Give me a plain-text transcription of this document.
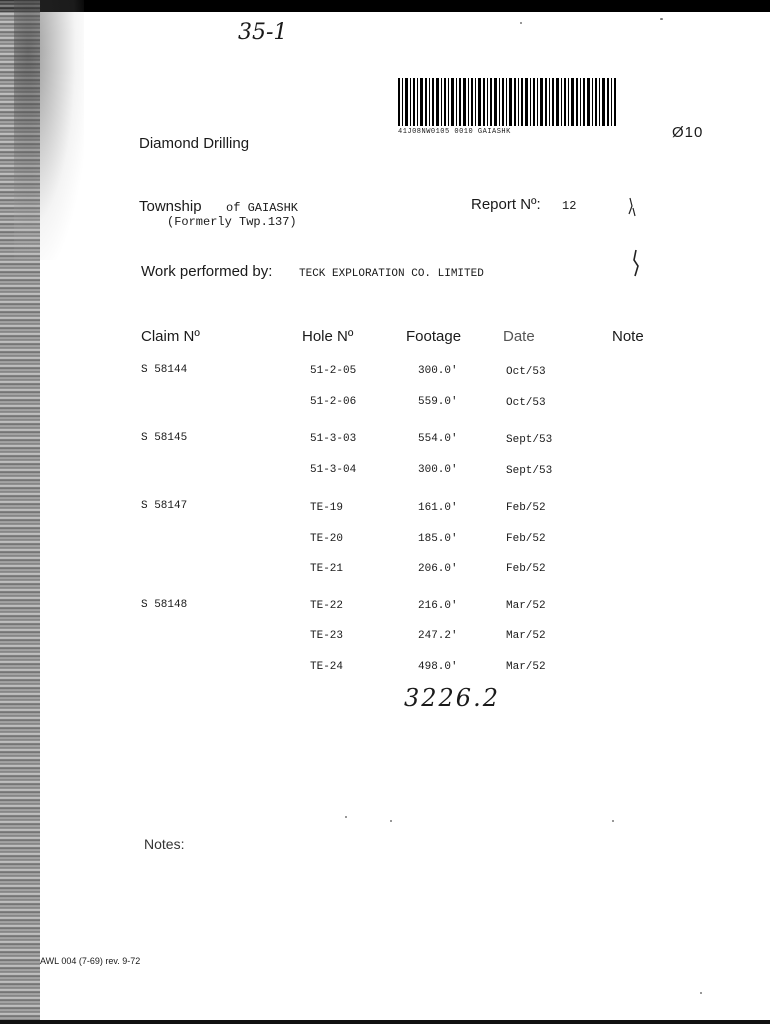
35-1
41J08NW0105 0010 GAIASHK	Ø10
Diamond Drilling
Township of GAIASHK
(Formerly Twp.137)
Report Nº: 12
Work performed by: TECK EXPLORATION CO. LIMITED
Claim Nº	Hole Nº	Footage	Date	Note
S 58144	51-2-05	300.0'	Oct/53
51-2-06	559.0'	Oct/53
S 58145	51-3-03	554.0'	Sept/53
51-3-04	300.0'	Sept/53
S 58147	TE-19	161.0'	Feb/52
TE-20	185.0'	Feb/52
TE-21	206.0'	Feb/52
S 58148	TE-22	216.0'	Mar/52
TE-23	247.2'	Mar/52
TE-24	498.0'	Mar/52
3226.2
Notes:
AWL 004 (7-69) rev. 9-72
